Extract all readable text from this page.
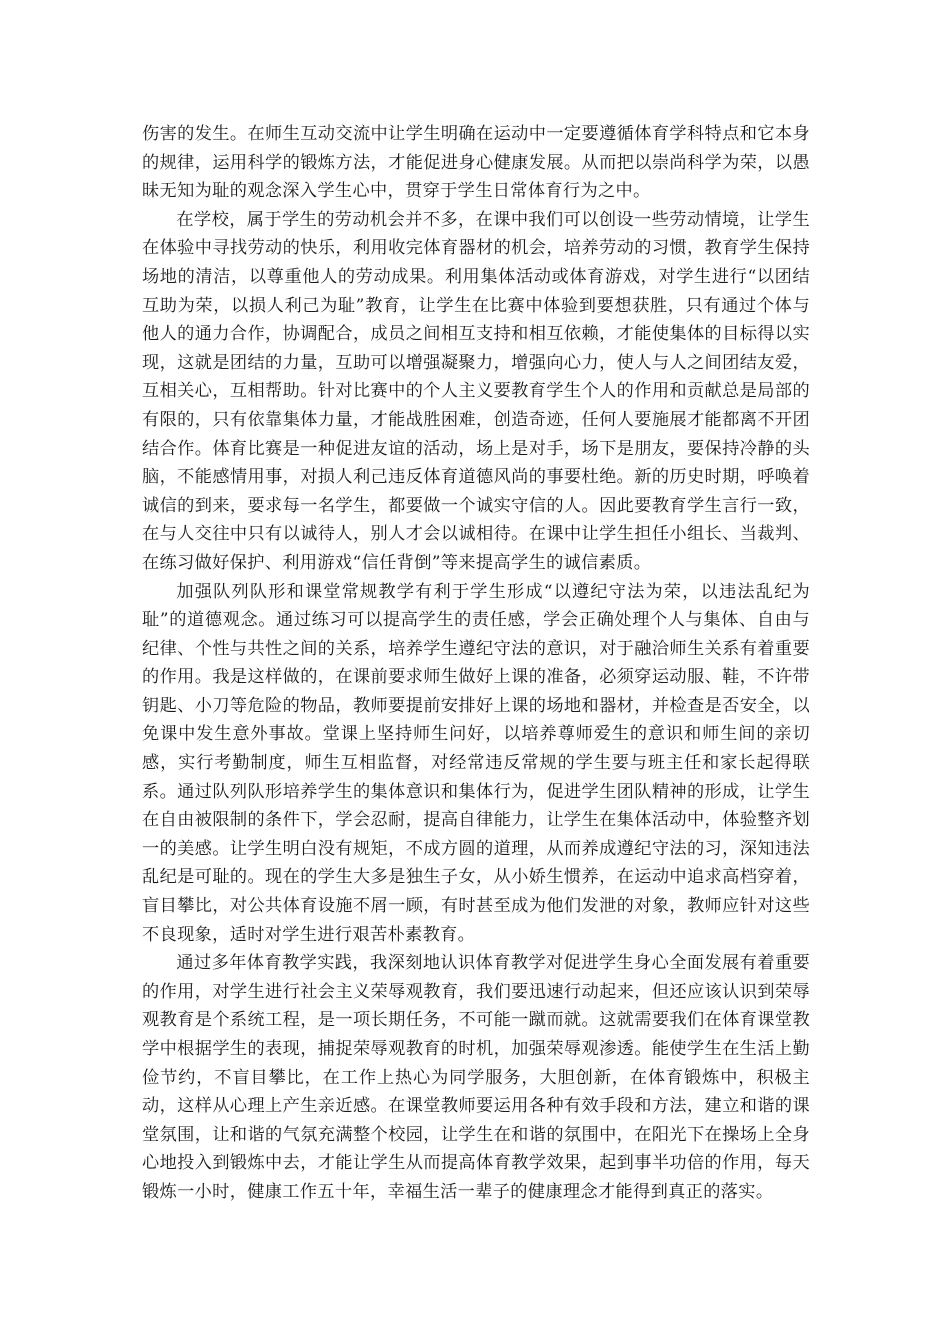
伤害的发生。在师生互动交流中让学生明确在运动中一定要遵循体育学科特点和它本身的规律，运用科学的锻炼方法，才能促进身心健康发展。从而把以崇尚科学为荣，以愚昧无知为耻的观念深入学生心中，贯穿于学生日常体育行为之中。

在学校，属于学生的劳动机会并不多，在课中我们可以创设一些劳动情境，让学生在体验中寻找劳动的快乐，利用收完体育器材的机会，培养劳动的习惯，教育学生保持场地的清洁，以尊重他人的劳动成果。利用集体活动或体育游戏，对学生进行“以团结互助为荣，以损人利己为耻”教育，让学生在比赛中体验到要想获胜，只有通过个体与他人的通力合作，协调配合，成员之间相互支持和相互依赖，才能使集体的目标得以实现，这就是团结的力量，互助可以增强凝聚力，增强向心力，使人与人之间团结友爱，互相关心，互相帮助。针对比赛中的个人主义要教育学生个人的作用和贡献总是局部的有限的，只有依靠集体力量，才能战胜困难，创造奇迹，任何人要施展才能都离不开团结合作。体育比赛是一种促进友谊的活动，场上是对手，场下是朋友，要保持冷静的头脑，不能感情用事，对损人利己违反体育道德风尚的事要杜绝。新的历史时期，呼唤着诚信的到来，要求每一名学生，都要做一个诚实守信的人。因此要教育学生言行一致，在与人交往中只有以诚待人，别人才会以诚相待。在课中让学生担任小组长、当裁判、在练习做好保护、利用游戏“信任背倒”等来提高学生的诚信素质。

加强队列队形和课堂常规教学有利于学生形成“以遵纪守法为荣，以违法乱纪为耻”的道德观念。通过练习可以提高学生的责任感，学会正确处理个人与集体、自由与纪律、个性与共性之间的关系，培养学生遵纪守法的意识，对于融洽师生关系有着重要的作用。我是这样做的，在课前要求师生做好上课的准备，必须穿运动服、鞋，不许带钥匙、小刀等危险的物品，教师要提前安排好上课的场地和器材，并检查是否安全，以免课中发生意外事故。堂课上坚持师生问好，以培养尊师爱生的意识和师生间的亲切感，实行考勤制度，师生互相监督，对经常违反常规的学生要与班主任和家长起得联系。通过队列队形培养学生的集体意识和集体行为，促进学生团队精神的形成，让学生在自由被限制的条件下，学会忍耐，提高自律能力，让学生在集体活动中，体验整齐划一的美感。让学生明白没有规矩，不成方圆的道理，从而养成遵纪守法的习，深知违法乱纪是可耻的。现在的学生大多是独生子女，从小娇生惯养，在运动中追求高档穿着，盲目攀比，对公共体育设施不屑一顾，有时甚至成为他们发泄的对象，教师应针对这些不良现象，适时对学生进行艰苦朴素教育。

通过多年体育教学实践，我深刻地认识体育教学对促进学生身心全面发展有着重要的作用，对学生进行社会主义荣辱观教育，我们要迅速行动起来，但还应该认识到荣辱观教育是个系统工程，是一项长期任务，不可能一蹴而就。这就需要我们在体育课堂教学中根据学生的表现，捕捉荣辱观教育的时机，加强荣辱观渗透。能使学生在生活上勤俭节约，不盲目攀比，在工作上热心为同学服务，大胆创新，在体育锻炼中，积极主动，这样从心理上产生亲近感。在课堂教师要运用各种有效手段和方法，建立和谐的课堂氛围，让和谐的气氛充满整个校园，让学生在和谐的氛围中，在阳光下在操场上全身心地投入到锻炼中去，才能让学生从而提高体育教学效果，起到事半功倍的作用，每天锻炼一小时，健康工作五十年，幸福生活一辈子的健康理念才能得到真正的落实。
